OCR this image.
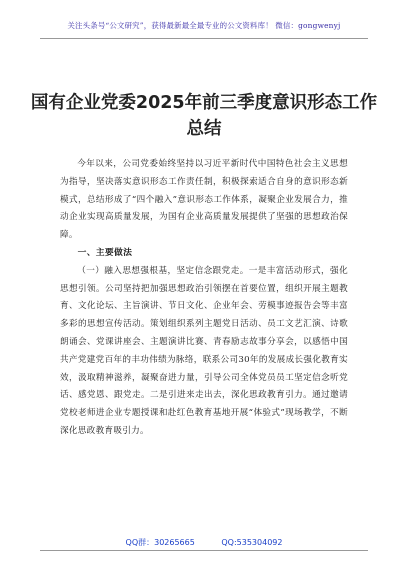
关注头条号“公文研究”，获得最新最全最专业的公文资料库！ 微信：gongwenyj
国有企业党委2025年前三季度意识形态工作总结

今年以来，公司党委始终坚持以习近平新时代中国特色社会主义思想为指导，坚决落实意识形态工作责任制，积极探索适合自身的意识形态新模式，总结形成了“四个融入”意识形态工作体系，凝聚企业发展合力，推动企业实现高质量发展，为国有企业高质量发展提供了坚强的思想政治保障。

一、主要做法

（一）融入思想强根基，坚定信念跟党走。一是丰富活动形式，强化思想引领。公司坚持把加强思想政治引领摆在首要位置，组织开展主题教育、文化论坛、主旨演讲、节日文化、企业年会、劳模事迹报告会等丰富多彩的思想宣传活动。策划组织系列主题党日活动、员工文艺汇演、诗歌朗诵会、党课讲座会、主题演讲比赛、青春励志故事分享会，以感悟中国共产党建党百年的丰功伟绩为脉络，联系公司30年的发展成长强化教育实效，汲取精神滋养，凝聚奋进力量，引导公司全体党员员工坚定信念听党话、感党恩、跟党走。二是引进来走出去，深化思政教育引力。通过邀请党校老师进企业专题授课和赴红色教育基地开展“体验式”现场教学，不断深化思政教育吸引力。

QQ群：30265665	QQ:535304092
